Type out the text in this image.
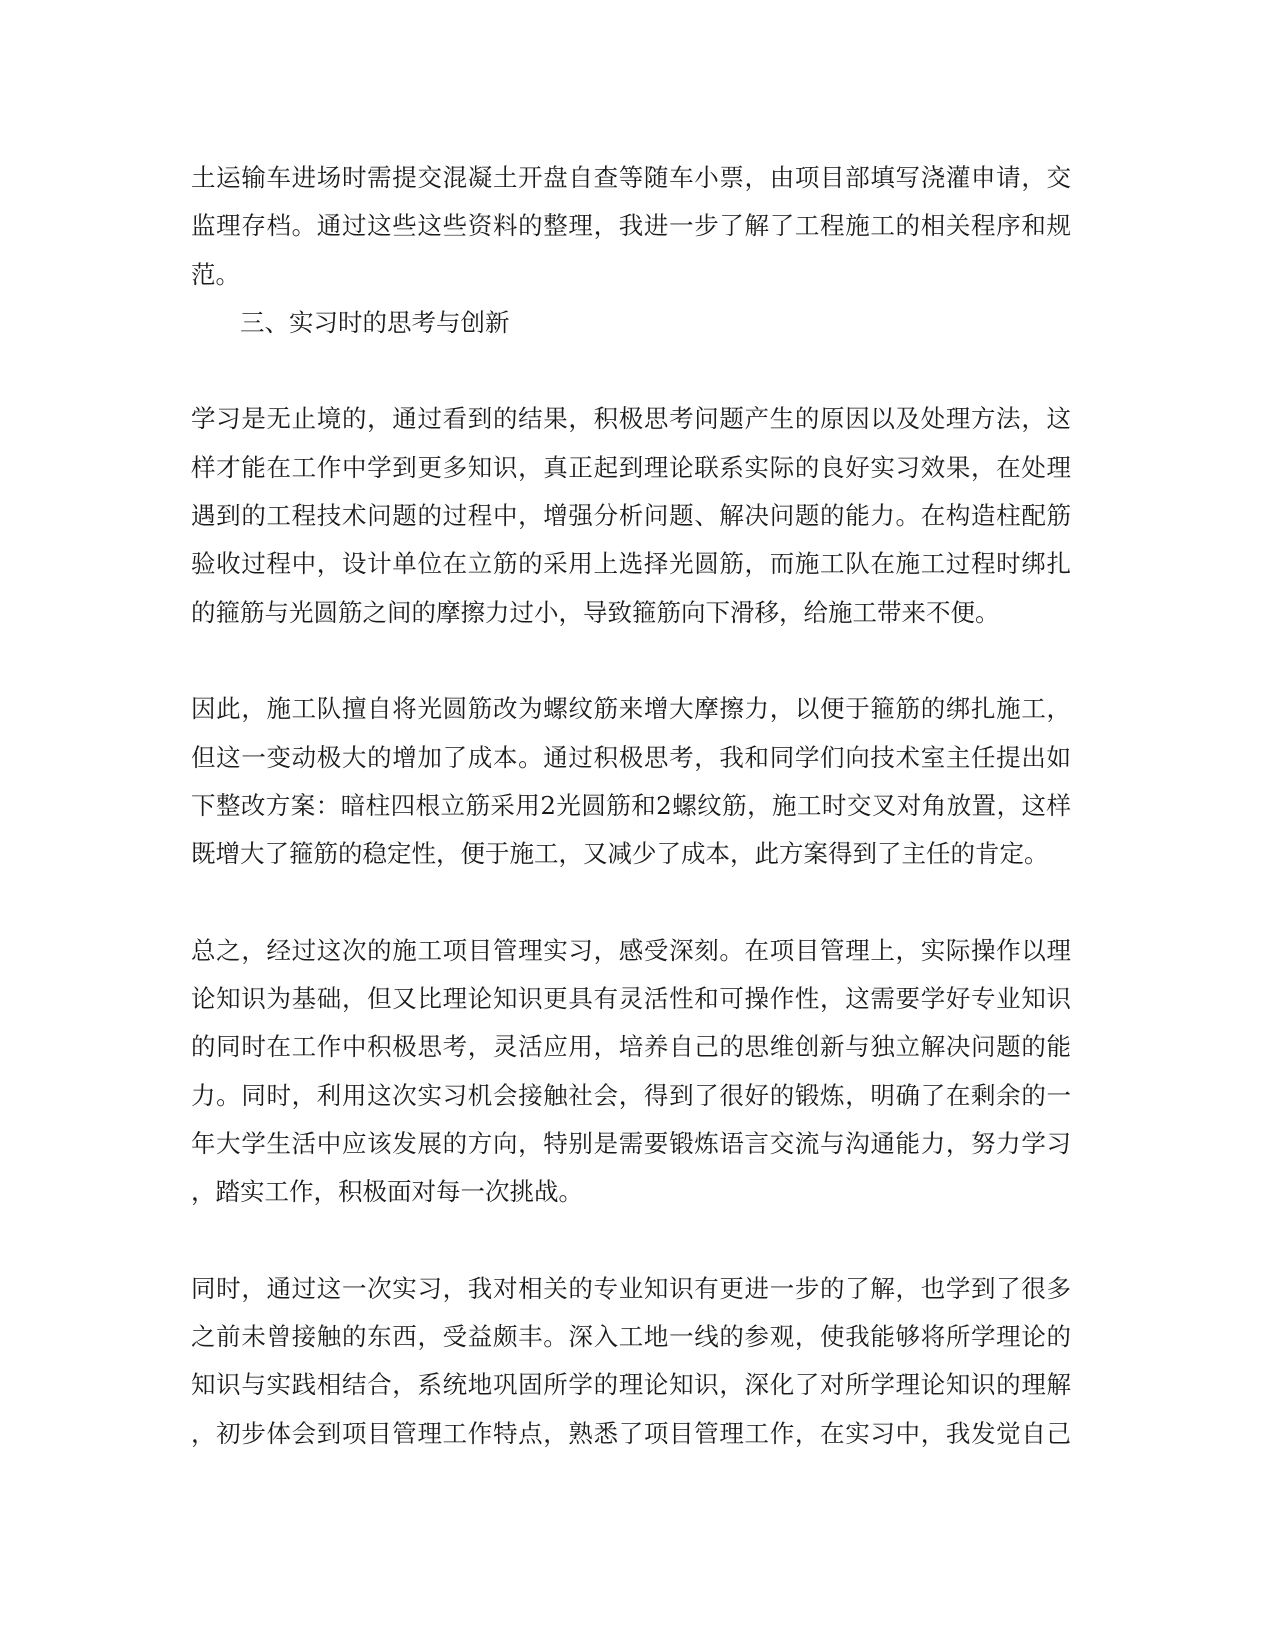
土运输车进场时需提交混凝土开盘自查等随车小票，由项目部填写浇灌申请，交
监理存档。通过这些这些资料的整理，我进一步了解了工程施工的相关程序和规
范。
三、实习时的思考与创新
学习是无止境的，通过看到的结果，积极思考问题产生的原因以及处理方法，这
样才能在工作中学到更多知识，真正起到理论联系实际的良好实习效果，在处理
遇到的工程技术问题的过程中，增强分析问题、解决问题的能力。在构造柱配筋
验收过程中，设计单位在立筋的采用上选择光圆筋，而施工队在施工过程时绑扎
的箍筋与光圆筋之间的摩擦力过小，导致箍筋向下滑移，给施工带来不便。
因此，施工队擅自将光圆筋改为螺纹筋来增大摩擦力，以便于箍筋的绑扎施工，
但这一变动极大的增加了成本。通过积极思考，我和同学们向技术室主任提出如
下整改方案：暗柱四根立筋采用2光圆筋和2螺纹筋，施工时交叉对角放置，这样
既增大了箍筋的稳定性，便于施工，又减少了成本，此方案得到了主任的肯定。
总之，经过这次的施工项目管理实习，感受深刻。在项目管理上，实际操作以理
论知识为基础，但又比理论知识更具有灵活性和可操作性，这需要学好专业知识
的同时在工作中积极思考，灵活应用，培养自己的思维创新与独立解决问题的能
力。同时，利用这次实习机会接触社会，得到了很好的锻炼，明确了在剩余的一
年大学生活中应该发展的方向，特别是需要锻炼语言交流与沟通能力，努力学习
，踏实工作，积极面对每一次挑战。
同时，通过这一次实习，我对相关的专业知识有更进一步的了解，也学到了很多
之前未曾接触的东西，受益颇丰。深入工地一线的参观，使我能够将所学理论的
知识与实践相结合，系统地巩固所学的理论知识，深化了对所学理论知识的理解
，初步体会到项目管理工作特点，熟悉了项目管理工作，在实习中，我发觉自己
